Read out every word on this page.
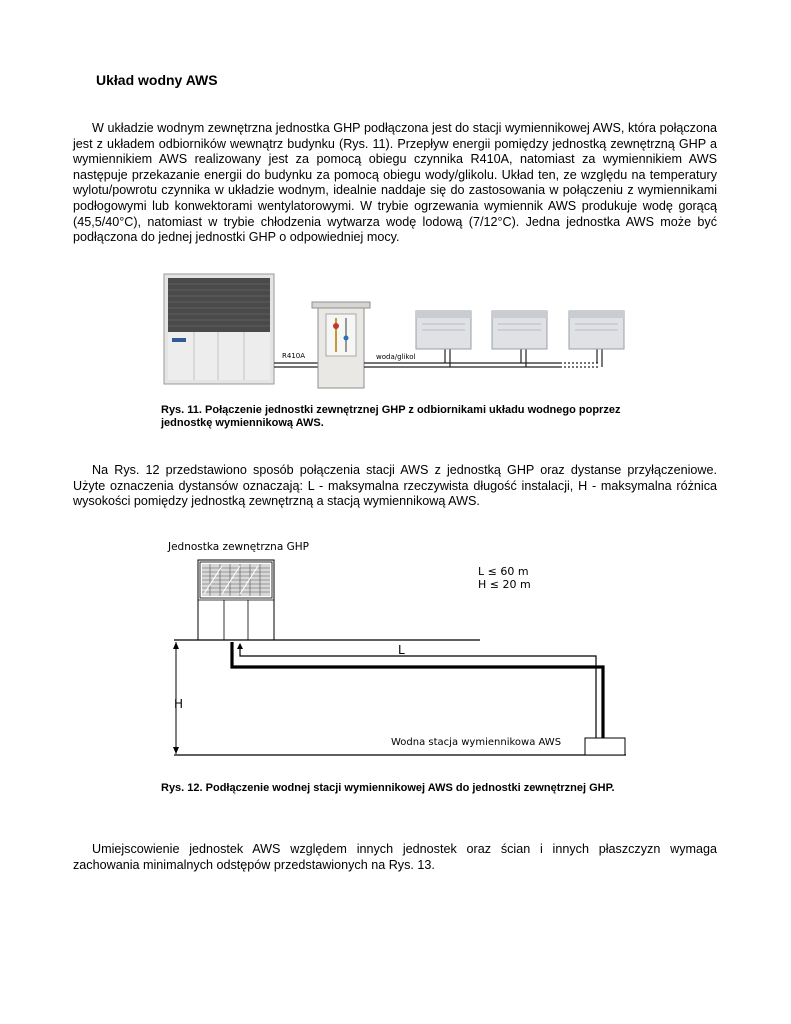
Układ wodny AWS

W układzie wodnym zewnętrzna jednostka GHP podłączona jest do stacji wymiennikowej AWS, która połączona jest z układem odbiorników wewnątrz budynku (Rys. 11). Przepływ energii pomiędzy jednostką zewnętrzną GHP a wymiennikiem AWS realizowany jest za pomocą obiegu czynnika R410A, natomiast za wymiennikiem AWS następuje przekazanie energii do budynku za pomocą obiegu wody/glikolu. Układ ten, ze względu na temperatury wylotu/powrotu czynnika w układzie wodnym, idealnie naddaje się do zastosowania w połączeniu z wymiennikami podłogowymi lub konwektorami wentylatorowymi. W trybie ogrzewania wymiennik AWS produkuje wodę gorącą (45,5/40°C), natomiast w trybie chłodzenia wytwarza wodę lodową (7/12°C). Jedna jednostka AWS może być podłączona do jednej jednostki GHP o odpowiedniej mocy.

R410A	woda/glikol

Rys. 11. Połączenie jednostki zewnętrznej GHP z odbiornikami układu wodnego poprzez jednostkę wymiennikową AWS.

Na Rys. 12 przedstawiono sposób połączenia stacji AWS z jednostką GHP oraz dystanse przyłączeniowe. Użyte oznaczenia dystansów oznaczają: L - maksymalna rzeczywista długość instalacji, H - maksymalna różnica wysokości pomiędzy jednostką zewnętrzną a stacją wymiennikową AWS.

Jednostka zewnętrzna GHP
H
L
L ≤ 60 m
H ≤ 20 m
Wodna stacja wymiennikowa AWS

Rys. 12. Podłączenie wodnej stacji wymiennikowej AWS do jednostki zewnętrznej GHP.

Umiejscowienie jednostek AWS względem innych jednostek oraz ścian i innych płaszczyzn wymaga zachowania minimalnych odstępów przedstawionych na Rys. 13.
